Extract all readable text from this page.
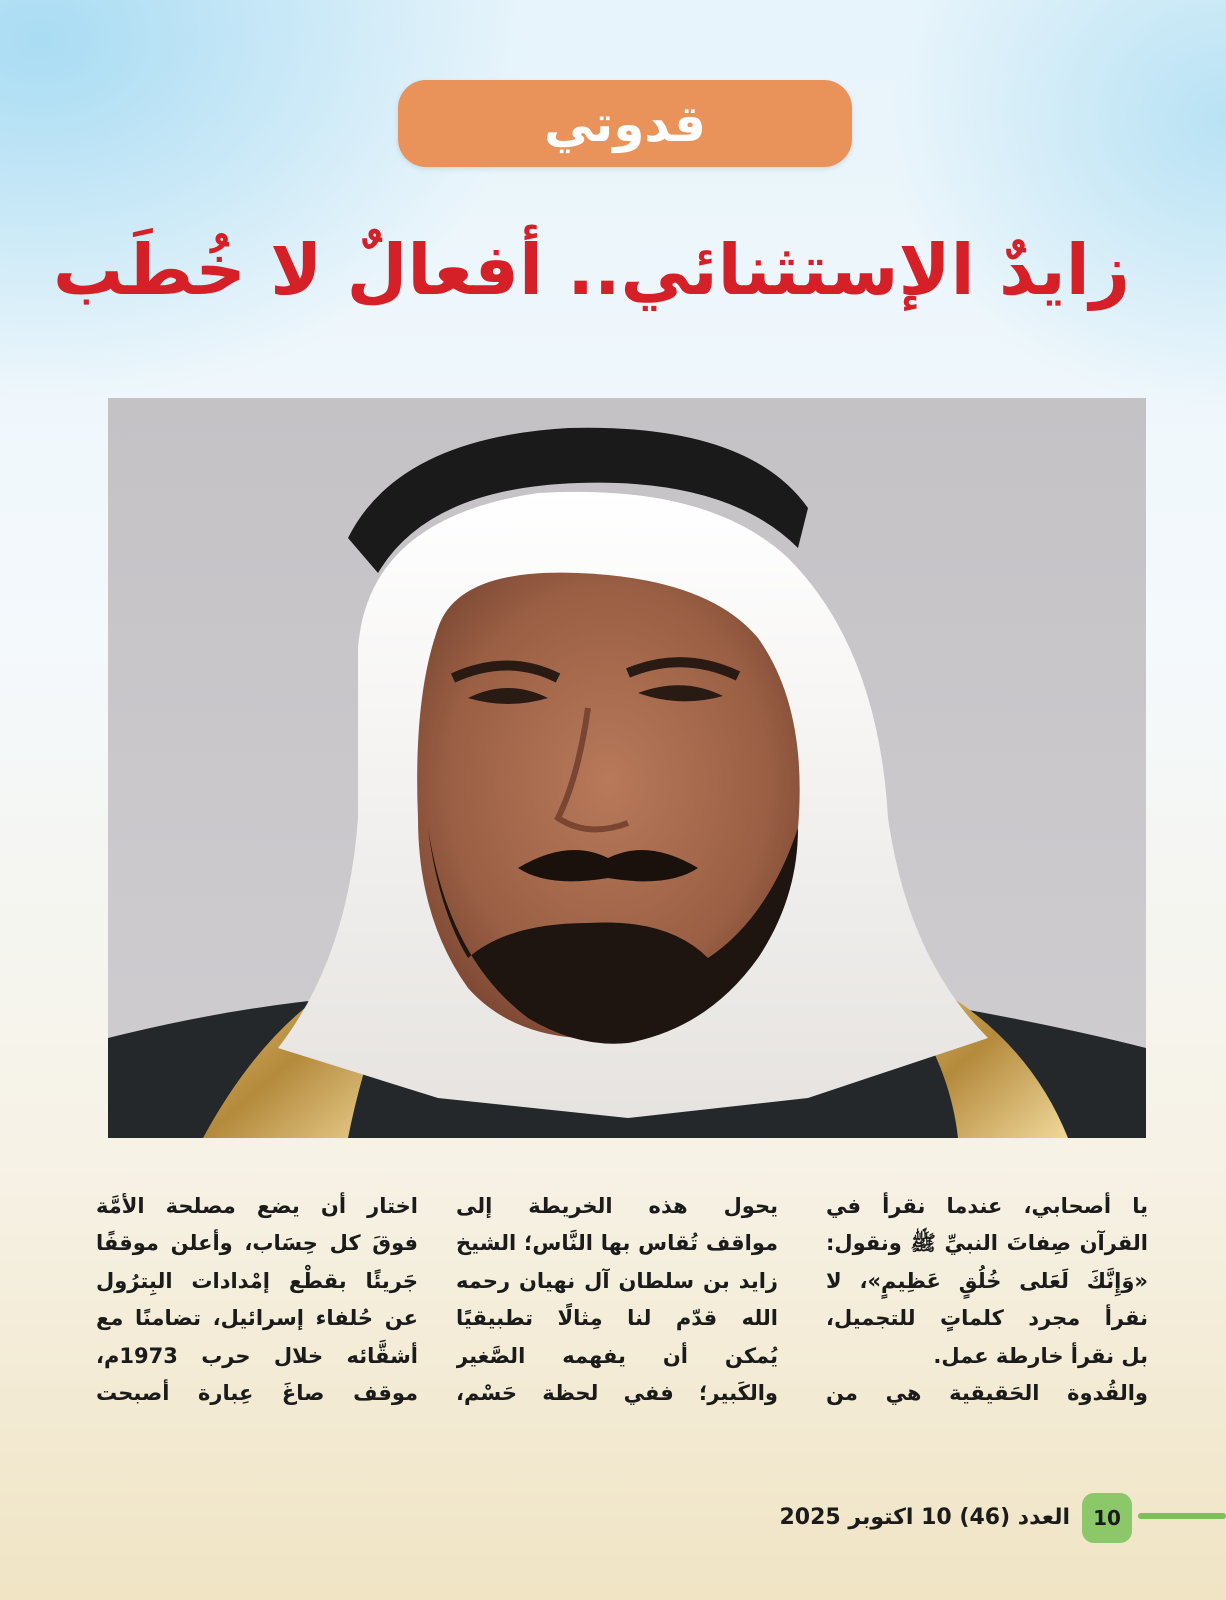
قدوتي
زايدٌ الإستثنائي.. أفعالٌ لا خُطَب
يا أصحابي، عندما نقرأ في
القرآن صِفاتَ النبيِّ ﷺ ونقول:
«وَإِنَّكَ لَعَلى خُلُقٍ عَظِيمٍ»، لا
نقرأ مجرد كلماتٍ للتجميل،
بل نقرأ خارطة عمل.
والقُدوة الحَقيقية هي من
يحول هذه الخريطة إلى
مواقف تُقاس بها النَّاس؛ الشيخ
زايد بن سلطان آل نهيان رحمه
الله قدّم لنا مِثالًا تطبيقيًا
يُمكن أن يفهمه الصَّغير
والكَبير؛ ففي لحظة حَسْم،
اختار أن يضع مصلحة الأمَّة
فوقَ كل حِسَاب، وأعلن موقفًا
جَريئًا بقطْع إمْدادات البِترُول
عن حُلفاء إسرائيل، تضامنًا مع
أشقَّائه خلال حرب 1973م،
موقف صاغَ عِبارة أصبحت
10
العدد (46) 10 اكتوبر 2025
